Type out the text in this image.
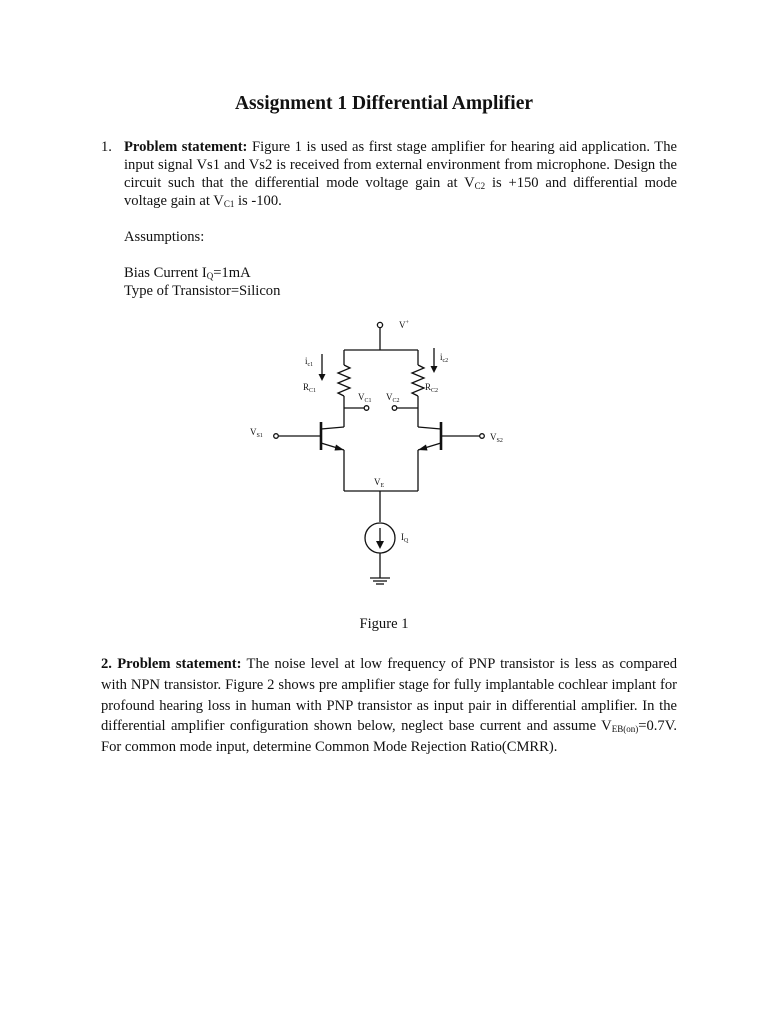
Assignment 1 Differential Amplifier
1. Problem statement: Figure 1 is used as first stage amplifier for hearing aid application. The input signal Vs1 and Vs2 is received from external environment from microphone. Design the circuit such that the differential mode voltage gain at $V_{C2}$ is +150 and differential mode voltage gain at $V_{C1}$ is -100.

Assumptions:

Bias Current $I_Q=1mA$

Type of Transistor=Silicon

V+
$i_{c1}$
$i_{c2}$
$R_{C1}$	$R_{C2}$
$V_{C1}$ $V_{C2}$
$V_{S1}$	$V_{S2}$
$V_E$
$I_Q$
Figure 1

2. Problem statement: The noise level at low frequency of PNP transistor is less as compared with NPN transistor. Figure 2 shows pre amplifier stage for fully implantable cochlear implant for profound hearing loss in human with PNP transistor as input pair in differential amplifier. In the differential amplifier configuration shown below, neglect base current and assume $V_{EB(on)}=0.7V$. For common mode input, determine Common Mode Rejection Ratio(CMRR).
